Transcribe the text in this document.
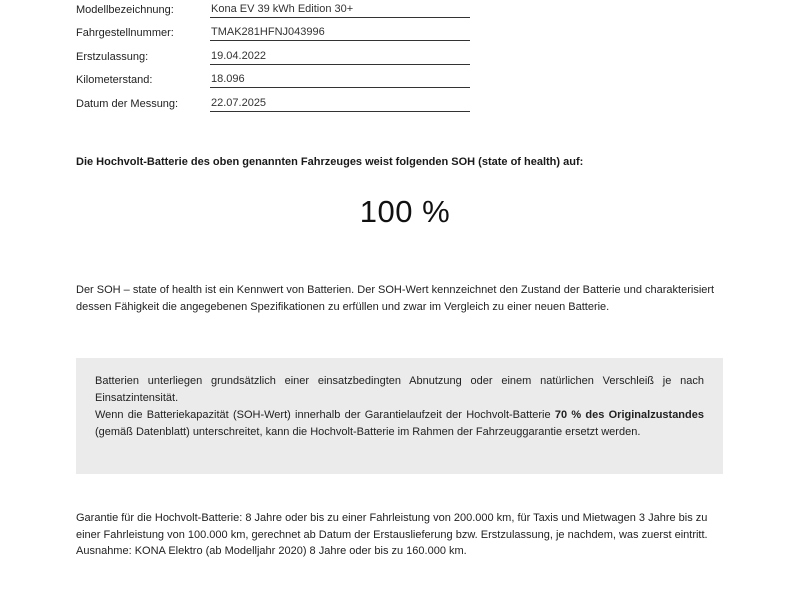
Modellbezeichnung:	Kona EV 39 kWh Edition 30+
Fahrgestellnummer:	TMAK281HFNJ043996
Erstzulassung:	19.04.2022
Kilometerstand:	18.096
Datum der Messung:	22.07.2025
Die Hochvolt-Batterie des oben genannten Fahrzeuges weist folgenden SOH (state of health) auf:
100 %

Der SOH – state of health ist ein Kennwert von Batterien. Der SOH-Wert kennzeichnet den Zustand der Batterie und charakterisiert dessen Fähigkeit die angegebenen Spezifikationen zu erfüllen und zwar im Vergleich zu einer neuen Batterie.

Batterien unterliegen grundsätzlich einer einsatzbedingten Abnutzung oder einem natürlichen Verschleiß je nach Einsatzintensität.

Wenn die Batteriekapazität (SOH-Wert) innerhalb der Garantielaufzeit der Hochvolt-Batterie 70 % des Originalzustandes (gemäß Datenblatt) unterschreitet, kann die Hochvolt-Batterie im Rahmen der Fahrzeuggarantie ersetzt werden.

Garantie für die Hochvolt-Batterie: 8 Jahre oder bis zu einer Fahrleistung von 200.000 km, für Taxis und Mietwagen 3 Jahre bis zu einer Fahrleistung von 100.000 km, gerechnet ab Datum der Erstauslieferung bzw. Erstzulassung, je nachdem, was zuerst eintritt. Ausnahme: KONA Elektro (ab Modelljahr 2020) 8 Jahre oder bis zu 160.000 km.
